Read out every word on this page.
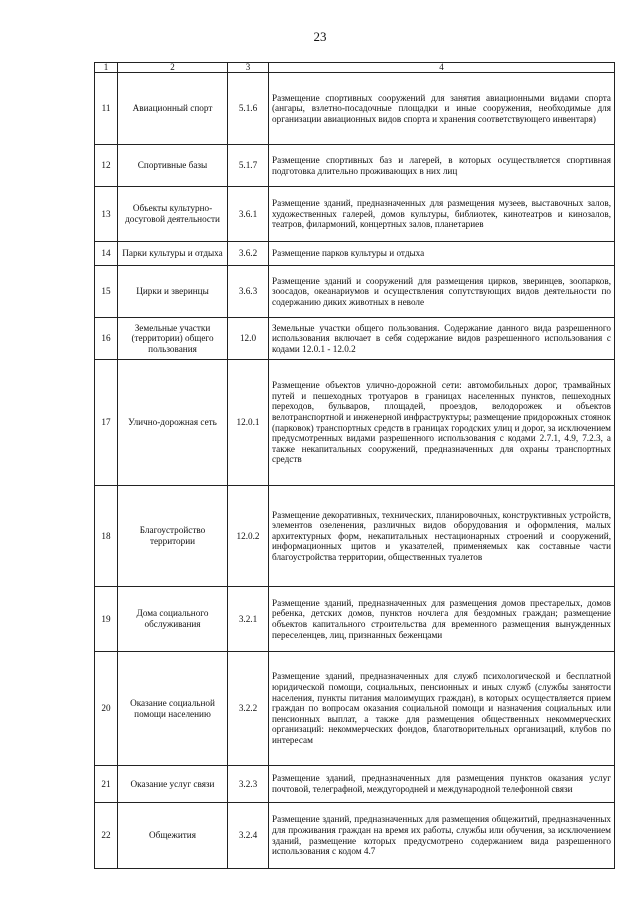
23
1	2	3	4
11	Авиационный спорт	5.1.6	Размещение спортивных сооружений для занятия авиационными видами спорта (ангары, взлетно-посадочные площадки и иные сооружения, необходимые для организации авиационных видов спорта и хранения соответствующего инвентаря)
12	Спортивные базы	5.1.7	Размещение спортивных баз и лагерей, в которых осуществляется спортивная подготовка длительно проживающих в них лиц
13	Объекты культурно-досуговой деятельности	3.6.1	Размещение зданий, предназначенных для размещения музеев, выставочных залов, художественных галерей, домов культуры, библиотек, кинотеатров и кинозалов, театров, филармоний, концертных залов, планетариев
14	Парки культуры и отдыха	3.6.2	Размещение парков культуры и отдыха
15	Цирки и зверинцы	3.6.3	Размещение зданий и сооружений для размещения цирков, зверинцев, зоопарков, зоосадов, океанариумов и осуществления сопутствующих видов деятельности по содержанию диких животных в неволе
16	Земельные участки (территории) общего пользования	12.0	Земельные участки общего пользования. Содержание данного вида разрешенного использования включает в себя содержание видов разрешенного использования с кодами 12.0.1 - 12.0.2
17	Улично-дорожная сеть	12.0.1	Размещение объектов улично-дорожной сети: автомобильных дорог, трамвайных путей и пешеходных тротуаров в границах населенных пунктов, пешеходных переходов, бульваров, площадей, проездов, велодорожек и объектов велотранспортной и инженерной инфраструктуры; размещение придорожных стоянок (парковок) транспортных средств в границах городских улиц и дорог, за исключением предусмотренных видами разрешенного использования с кодами 2.7.1, 4.9, 7.2.3, а также некапитальных сооружений, предназначенных для охраны транспортных средств
18	Благоустройство территории	12.0.2	Размещение декоративных, технических, планировочных, конструктивных устройств, элементов озеленения, различных видов оборудования и оформления, малых архитектурных форм, некапитальных нестационарных строений и сооружений, информационных щитов и указателей, применяемых как составные части благоустройства территории, общественных туалетов
19	Дома социального обслуживания	3.2.1	Размещение зданий, предназначенных для размещения домов престарелых, домов ребенка, детских домов, пунктов ночлега для бездомных граждан; размещение объектов капитального строительства для временного размещения вынужденных переселенцев, лиц, признанных беженцами
20	Оказание социальной помощи населению	3.2.2	Размещение зданий, предназначенных для служб психологической и бесплатной юридической помощи, социальных, пенсионных и иных служб (службы занятости населения, пункты питания малоимущих граждан), в которых осуществляется прием граждан по вопросам оказания социальной помощи и назначения социальных или пенсионных выплат, а также для размещения общественных некоммерческих организаций: некоммерческих фондов, благотворительных организаций, клубов по интересам
21	Оказание услуг связи	3.2.3	Размещение зданий, предназначенных для размещения пунктов оказания услуг почтовой, телеграфной, междугородней и международной телефонной связи
22	Общежития	3.2.4	Размещение зданий, предназначенных для размещения общежитий, предназначенных для проживания граждан на время их работы, службы или обучения, за исключением зданий, размещение которых предусмотрено содержанием вида разрешенного использования с кодом 4.7
